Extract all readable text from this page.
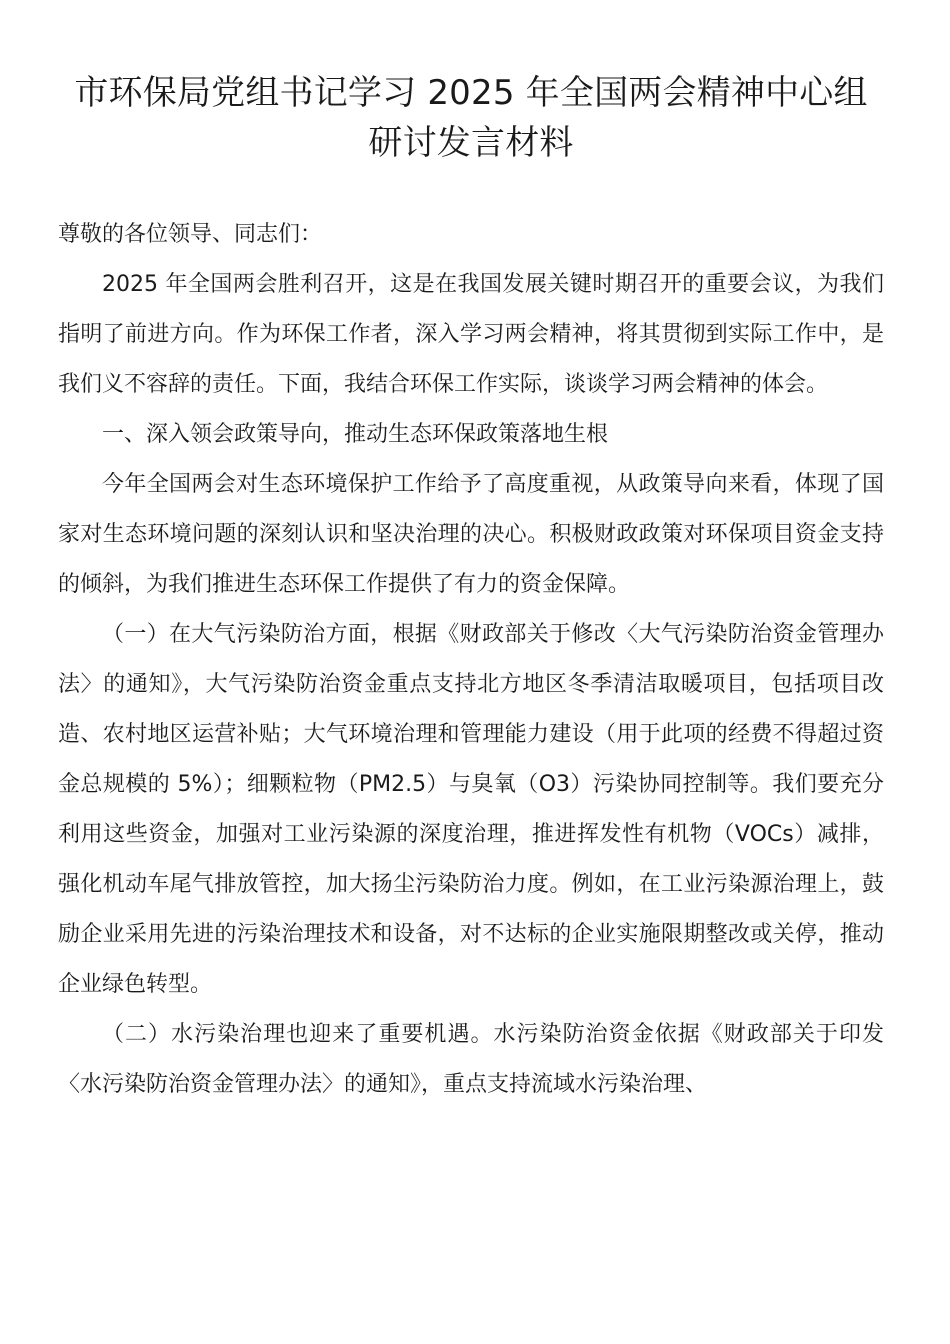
市环保局党组书记学习 2025 年全国两会精神中心组
研讨发言材料

尊敬的各位领导、同志们：

2025 年全国两会胜利召开，这是在我国发展关键时期召开的重要会议，为我们指明了前进方向。作为环保工作者，深入学习两会精神，将其贯彻到实际工作中，是我们义不容辞的责任。下面，我结合环保工作实际，谈谈学习两会精神的体会。

一、深入领会政策导向，推动生态环保政策落地生根

今年全国两会对生态环境保护工作给予了高度重视，从政策导向来看，体现了国家对生态环境问题的深刻认识和坚决治理的决心。积极财政政策对环保项目资金支持的倾斜，为我们推进生态环保工作提供了有力的资金保障。

（一）在大气污染防治方面，根据《财政部关于修改〈大气污染防治资金管理办法〉的通知》，大气污染防治资金重点支持北方地区冬季清洁取暖项目，包括项目改造、农村地区运营补贴；大气环境治理和管理能力建设（用于此项的经费不得超过资金总规模的 5%）；细颗粒物（PM2.5）与臭氧（O3）污染协同控制等。我们要充分利用这些资金，加强对工业污染源的深度治理，推进挥发性有机物（VOCs）减排，强化机动车尾气排放管控，加大扬尘污染防治力度。例如，在工业污染源治理上，鼓励企业采用先进的污染治理技术和设备，对不达标的企业实施限期整改或关停，推动企业绿色转型。

（二）水污染治理也迎来了重要机遇。水污染防治资金依据《财政部关于印发〈水污染防治资金管理办法〉的通知》，重点支持流域水污染治理、
